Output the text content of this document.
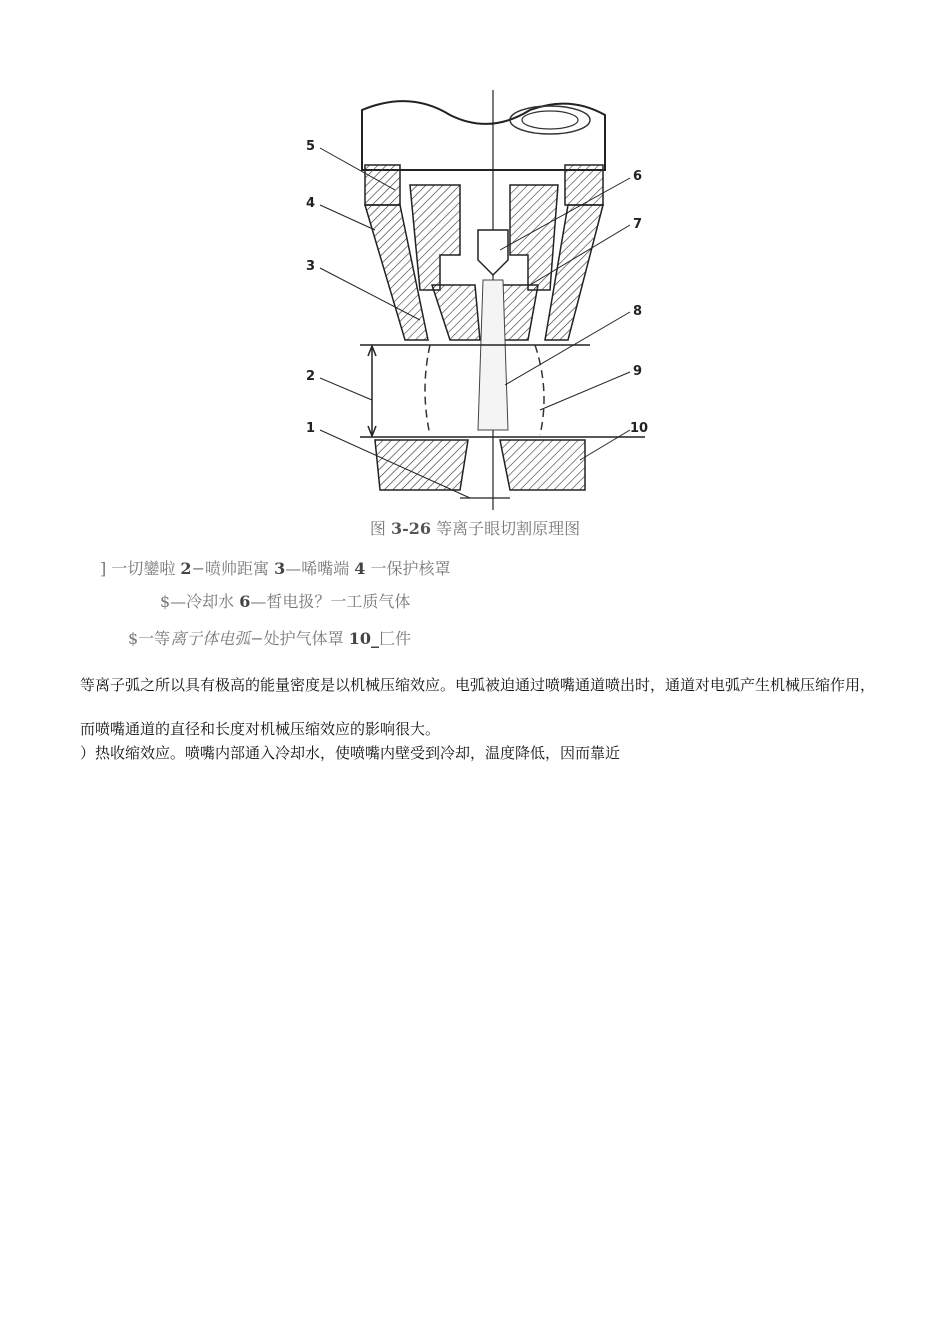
5
4
3
2
1
6
7
8
9
10
图 3-26 等离子眼切割原理图
] 一切鑾啦 2−喷帅距寓 3—唏嘴端 4 一保护核罩
$—冷却水 6—皙电扱？一工质气体
$一等离亍体电弧−处护气体罩 10_匚件
等离子弧之所以具有极高的能量密度是以机械压缩效应。电弧被迫通过喷嘴通道喷出时，通道对电弧产生机械压缩作用，
而喷嘴通道的直径和长度对机械压缩效应的影响很大。
）热收缩效应。喷嘴内部通入冷却水，使喷嘴内壁受到冷却，温度降低，因而靠近
